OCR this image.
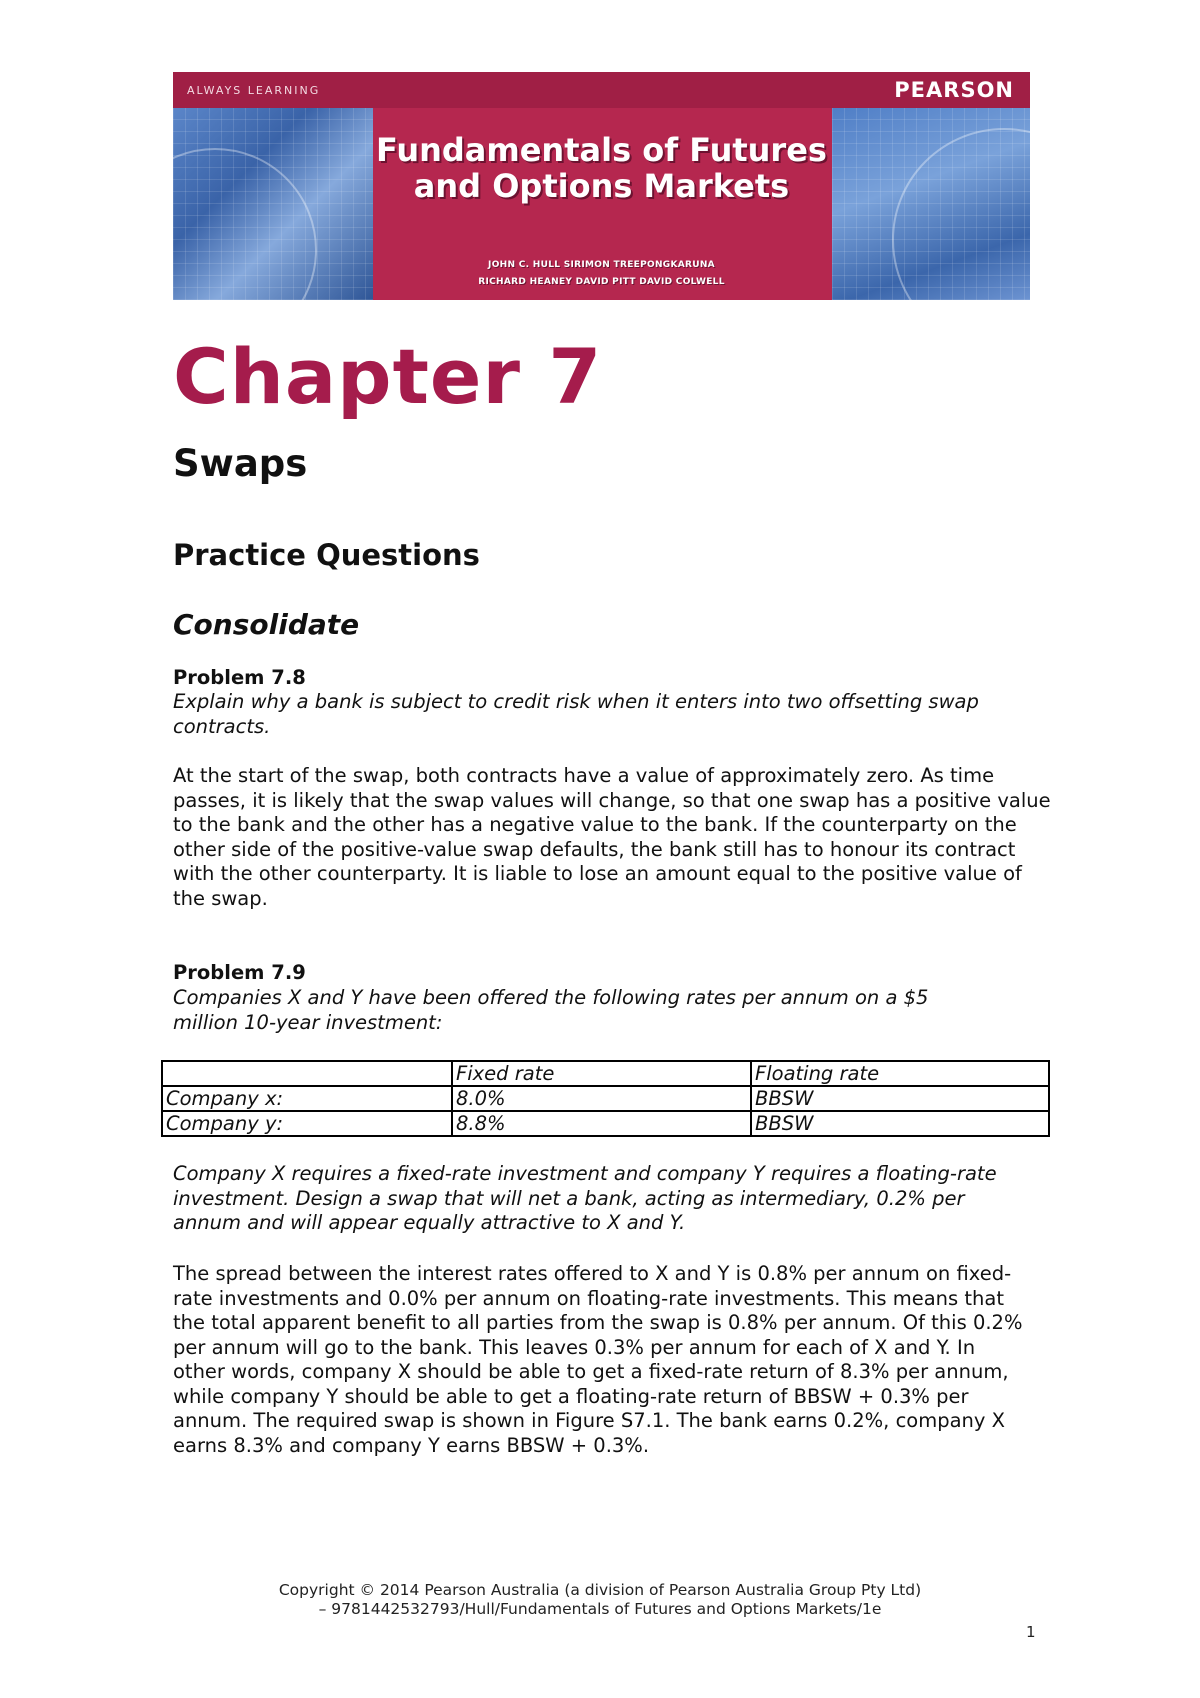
ALWAYS LEARNING	PEARSON
Fundamentals of Futures
and Options Markets
JOHN C. HULL SIRIMON TREEPONGKARUNA
RICHARD HEANEY DAVID PITT DAVID COLWELL
Chapter 7
Swaps
Practice Questions
Consolidate
Problem 7.8
Explain why a bank is subject to credit risk when it enters into two offsetting swap contracts.
At the start of the swap, both contracts have a value of approximately zero. As time passes, it is likely that the swap values will change, so that one swap has a positive value to the bank and the other has a negative value to the bank. If the counterparty on the other side of the positive-value swap defaults, the bank still has to honour its contract with the other counterparty. It is liable to lose an amount equal to the positive value of the swap.
Problem 7.9
Companies X and Y have been offered the following rates per annum on a $5 million 10-year investment:
	Fixed rate	Floating rate
Company x:	8.0%	BBSW
Company y:	8.8%	BBSW
Company X requires a fixed-rate investment and company Y requires a floating-rate investment. Design a swap that will net a bank, acting as intermediary, 0.2% per annum and will appear equally attractive to X and Y.
The spread between the interest rates offered to X and Y is 0.8% per annum on fixed-rate investments and 0.0% per annum on floating-rate investments. This means that the total apparent benefit to all parties from the swap is 0.8% per annum. Of this 0.2% per annum will go to the bank. This leaves 0.3% per annum for each of X and Y. In other words, company X should be able to get a fixed-rate return of 8.3% per annum, while company Y should be able to get a floating-rate return of BBSW + 0.3% per annum. The required swap is shown in Figure S7.1. The bank earns 0.2%, company X earns 8.3% and company Y earns BBSW + 0.3%.
Copyright © 2014 Pearson Australia (a division of Pearson Australia Group Pty Ltd)
– 9781442532793/Hull/Fundamentals of Futures and Options Markets/1e
1
